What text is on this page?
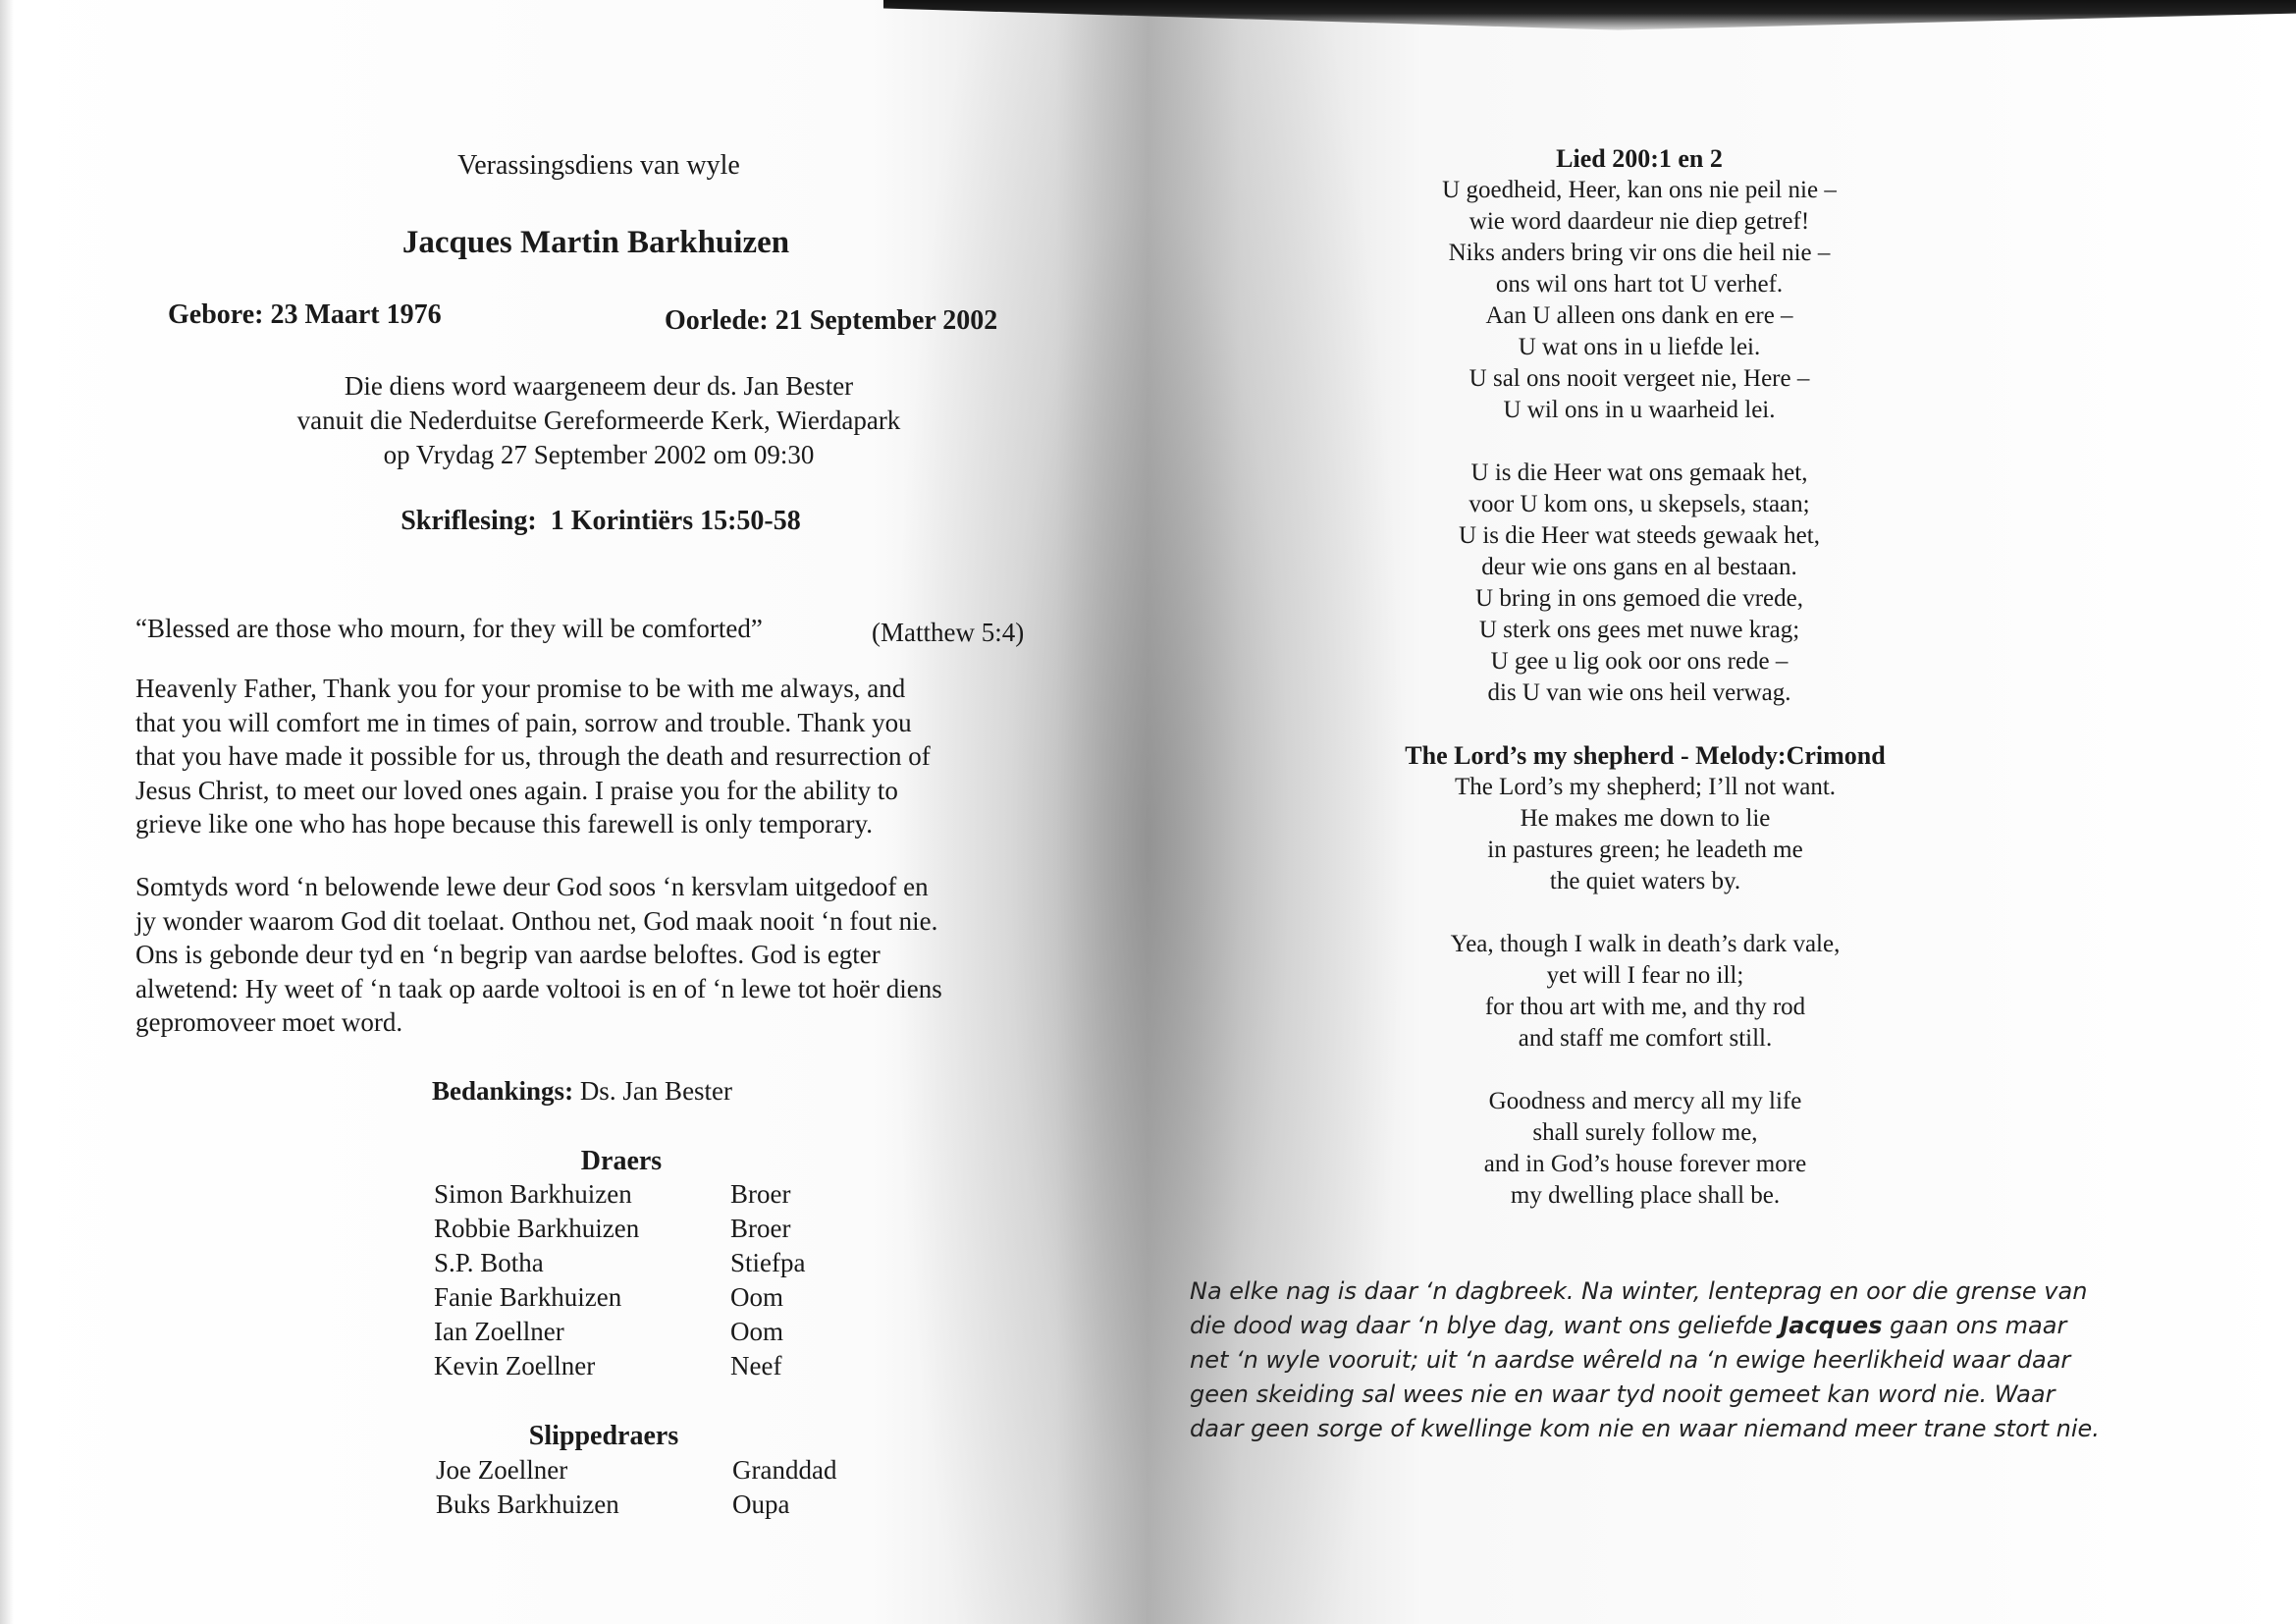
Verassingsdiens van wyle
Jacques Martin Barkhuizen
Gebore: 23 Maart 1976	Oorlede: 21 September 2002
Die diens word waargeneem deur ds. Jan Bester
vanuit die Nederduitse Gereformeerde Kerk, Wierdapark
op Vrydag 27 September 2002 om 09:30
Skriflesing:  1 Korintiërs 15:50-58
“Blessed are those who mourn, for they will be comforted”	(Matthew 5:4)
Heavenly Father, Thank you for your promise to be with me always, and
that you will comfort me in times of pain, sorrow and trouble. Thank you
that you have made it possible for us, through the death and resurrection of
Jesus Christ, to meet our loved ones again. I praise you for the ability to
grieve like one who has hope because this farewell is only temporary.
Somtyds word ‘n belowende lewe deur God soos ‘n kersvlam uitgedoof en
jy wonder waarom God dit toelaat. Onthou net, God maak nooit ‘n fout nie.
Ons is gebonde deur tyd en ‘n begrip van aardse beloftes. God is egter
alwetend: Hy weet of ‘n taak op aarde voltooi is en of ‘n lewe tot hoër diens
gepromoveer moet word.
Bedankings: Ds. Jan Bester
Draers
Simon Barkhuizen	Broer
Robbie Barkhuizen	Broer
S.P. Botha	Stiefpa
Fanie Barkhuizen	Oom
Ian Zoellner	Oom
Kevin Zoellner	Neef
Slippedraers
Joe Zoellner	Granddad
Buks Barkhuizen	Oupa
Lied 200:1 en 2
U goedheid, Heer, kan ons nie peil nie –
wie word daardeur nie diep getref!
Niks anders bring vir ons die heil nie –
ons wil ons hart tot U verhef.
Aan U alleen ons dank en ere –
U wat ons in u liefde lei.
U sal ons nooit vergeet nie, Here –
U wil ons in u waarheid lei.
U is die Heer wat ons gemaak het,
voor U kom ons, u skepsels, staan;
U is die Heer wat steeds gewaak het,
deur wie ons gans en al bestaan.
U bring in ons gemoed die vrede,
U sterk ons gees met nuwe krag;
U gee u lig ook oor ons rede –
dis U van wie ons heil verwag.
The Lord’s my shepherd - Melody:Crimond
The Lord’s my shepherd; I’ll not want.
He makes me down to lie
in pastures green; he leadeth me
the quiet waters by.
Yea, though I walk in death’s dark vale,
yet will I fear no ill;
for thou art with me, and thy rod
and staff me comfort still.
Goodness and mercy all my life
shall surely follow me,
and in God’s house forever more
my dwelling place shall be.
Na elke nag is daar ‘n dagbreek. Na winter, lenteprag en oor die grense van
die dood wag daar ‘n blye dag, want ons geliefde Jacques gaan ons maar
net ‘n wyle vooruit; uit ‘n aardse wêreld na ‘n ewige heerlikheid waar daar
geen skeiding sal wees nie en waar tyd nooit gemeet kan word nie. Waar
daar geen sorge of kwellinge kom nie en waar niemand meer trane stort nie.
